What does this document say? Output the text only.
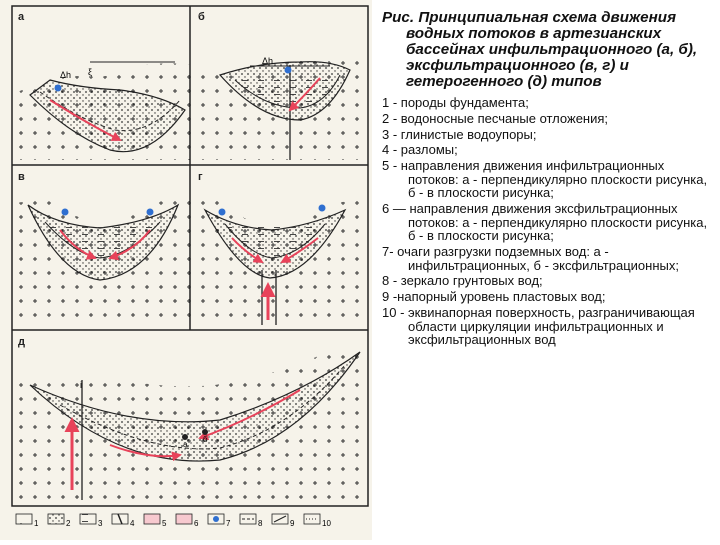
а
Δh ξ
б
Δh
в	г
д
i
а
б
1	2	3	4	5	6	7	8	9	10

Рис. Принципиальная схема движения водных потоков в артезианских бассейнах инфильтрационного (а, б), эксфильтрационного (в, г) и гетерогенного (д) типов

1 - породы фундамента;
2 - водоносные песчаные отложения;
3 - глинистые водоупоры;
4 - разломы;
5 - направления движения инфильтрационных потоков: а - перпендикулярно плоскости рисунка, б - в плоскости рисунка;
6 — направления движения эксфильтрационных потоков: а - перпендикулярно плоскости рисунка, б - в плоскости рисунка;
7- очаги разгрузки подземных вод: а - инфильтрационных, б - эксфильтрационных;
8 - зеркало грунтовых вод;
9 -напорный уровень пластовых вод;
10 - эквинапорная поверхность, разграничивающая области циркуляции инфильтрационных и эксфильтрационных вод
